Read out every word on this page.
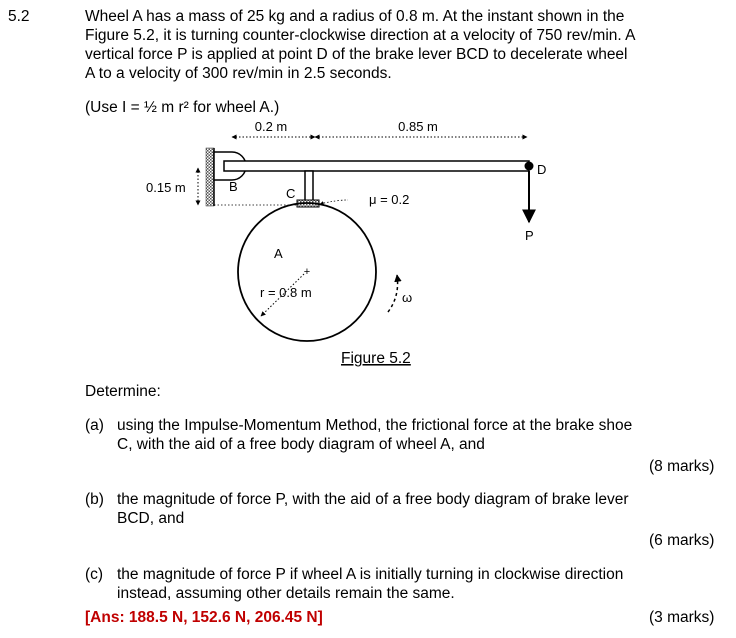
5.2	Wheel A has a mass of 25 kg and a radius of 0.8 m. At the instant shown in the
Figure 5.2, it is turning counter-clockwise direction at a velocity of 750 rev/min. A
vertical force P is applied at point D of the brake lever BCD to decelerate wheel
A to a velocity of 300 rev/min in 2.5 seconds.
(Use I = ½ m r² for wheel A.)
+
0.2 m	0.85 m
0.15 m	B	C
D
P
A
r = 0.8 m
μ = 0.2
ω
Figure 5.2
Determine:
(a) using the Impulse-Momentum Method, the frictional force at the brake shoe
C, with the aid of a free body diagram of wheel A, and
(8 marks)
(b) the magnitude of force P, with the aid of a free body diagram of brake lever
BCD, and
(6 marks)
(c) the magnitude of force P if wheel A is initially turning in clockwise direction
instead, assuming other details remain the same.
[Ans: 188.5 N, 152.6 N, 206.45 N]	(3 marks)
